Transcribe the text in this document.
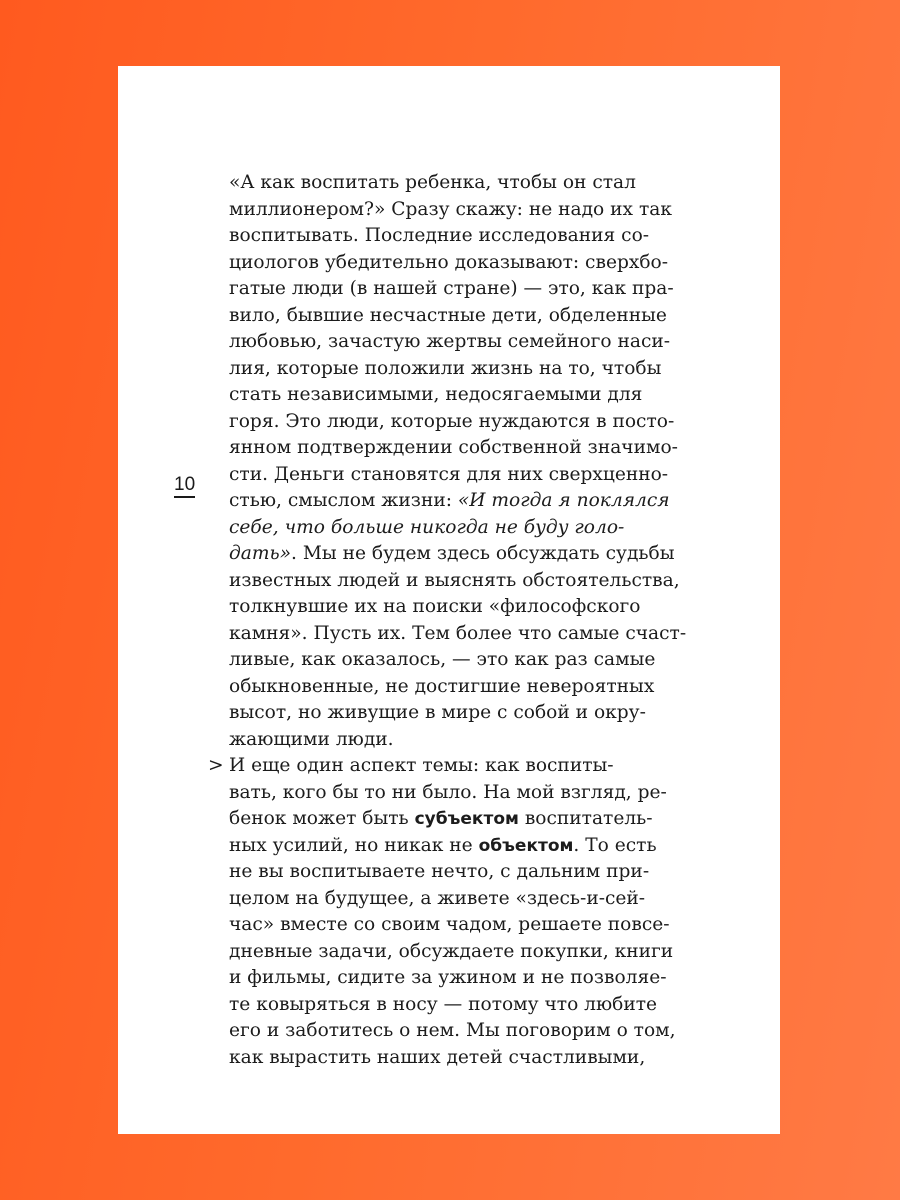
10
«А как воспитать ребенка, чтобы он стал
миллионером?» Сразу скажу: не надо их так
воспитывать. Последние исследования со-
циологов убедительно доказывают: сверхбо-
гатые люди (в нашей стране) — это, как пра-
вило, бывшие несчастные дети, обделенные
любовью, зачастую жертвы семейного наси-
лия, которые положили жизнь на то, чтобы
стать независимыми, недосягаемыми для
горя. Это люди, которые нуждаются в посто-
янном подтверждении собственной значимо-
сти. Деньги становятся для них сверхценно-
стью, смыслом жизни: «И тогда я поклялся
себе, что больше никогда не буду голо-
дать». Мы не будем здесь обсуждать судьбы
известных людей и выяснять обстоятельства,
толкнувшие их на поиски «философского
камня». Пусть их. Тем более что самые счаст-
ливые, как оказалось, — это как раз самые
обыкновенные, не достигшие невероятных
высот, но живущие в мире с собой и окру-
жающими люди.
> И еще один аспект темы: как воспиты-
вать, кого бы то ни было. На мой взгляд, ре-
бенок может быть субъектом воспитатель-
ных усилий, но никак не объектом. То есть
не вы воспитываете нечто, с дальним при-
целом на будущее, а живете «здесь-и-сей-
час» вместе со своим чадом, решаете повсе-
дневные задачи, обсуждаете покупки, книги
и фильмы, сидите за ужином и не позволяе-
те ковыряться в носу — потому что любите
его и заботитесь о нем. Мы поговорим о том,
как вырастить наших детей счастливыми,
